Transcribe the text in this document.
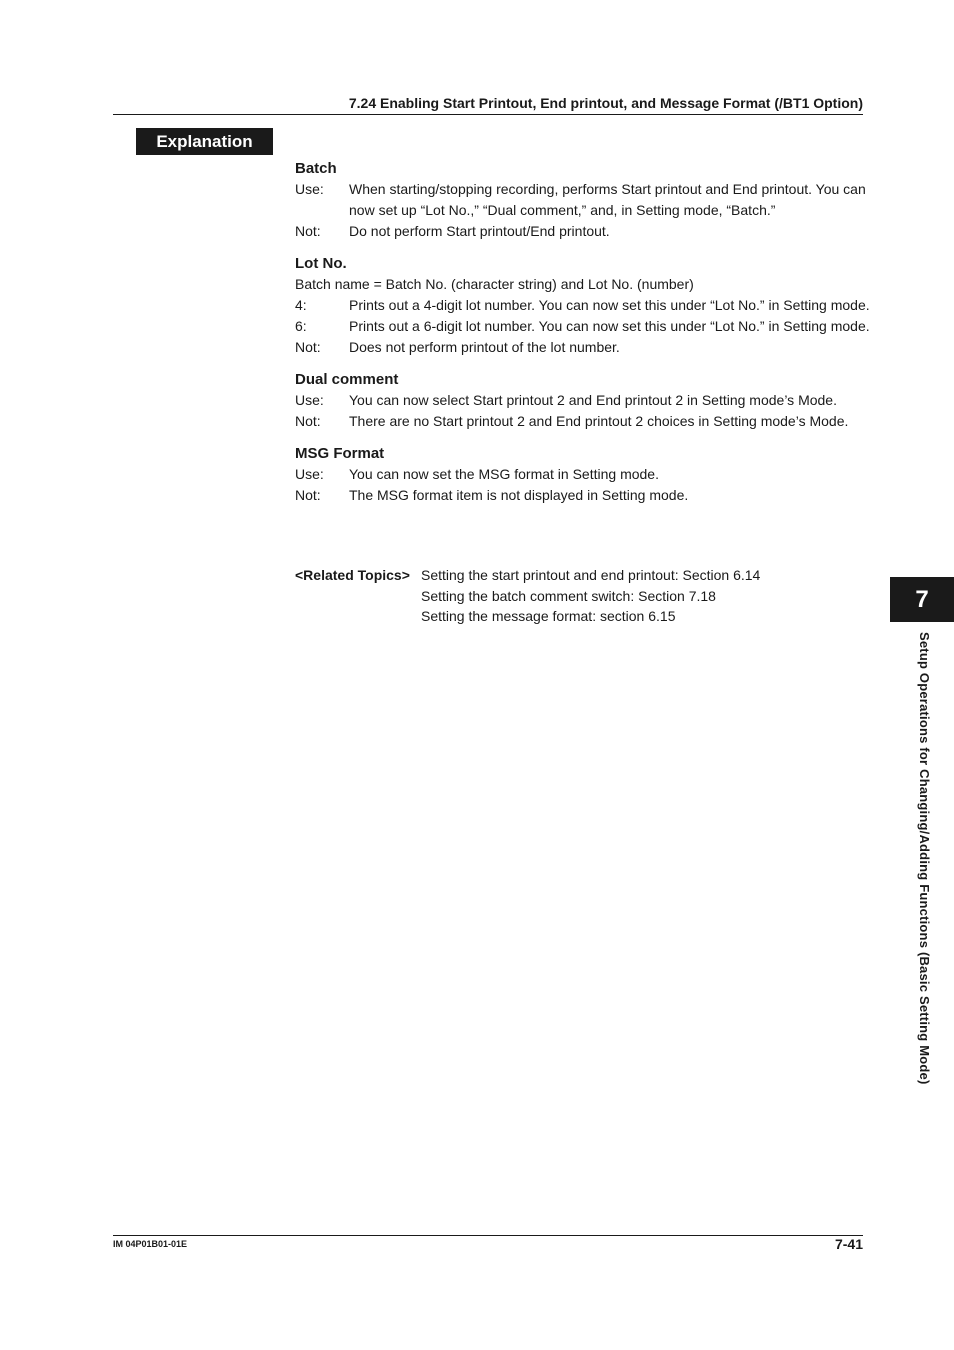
7.24 Enabling Start Printout, End printout, and Message Format (/BT1 Option)
Explanation
Batch
Use:	When starting/stopping recording, performs Start printout and End printout. You can now set up “Lot No.,” “Dual comment,” and, in Setting mode, “Batch.”
Not:	Do not perform Start printout/End printout.
Lot No.
Batch name = Batch No. (character string) and Lot No. (number)
4:	Prints out a 4-digit lot number. You can now set this under “Lot No.” in Setting mode.
6:	Prints out a 6-digit lot number. You can now set this under “Lot No.” in Setting mode.
Not:	Does not perform printout of the lot number.
Dual comment
Use:	You can now select Start printout 2 and End printout 2 in Setting mode’s Mode.
Not:	There are no Start printout 2 and End printout 2 choices in Setting mode’s Mode.
MSG Format
Use:	You can now set the MSG format in Setting mode.
Not:	The MSG format item is not displayed in Setting mode.
<Related Topics> Setting the start printout and end printout: Section 6.14
Setting the batch comment switch: Section 7.18
Setting the message format: section 6.15
7
Setup Operations for Changing/Adding Functions (Basic Setting Mode)
IM 04P01B01-01E	7-41
